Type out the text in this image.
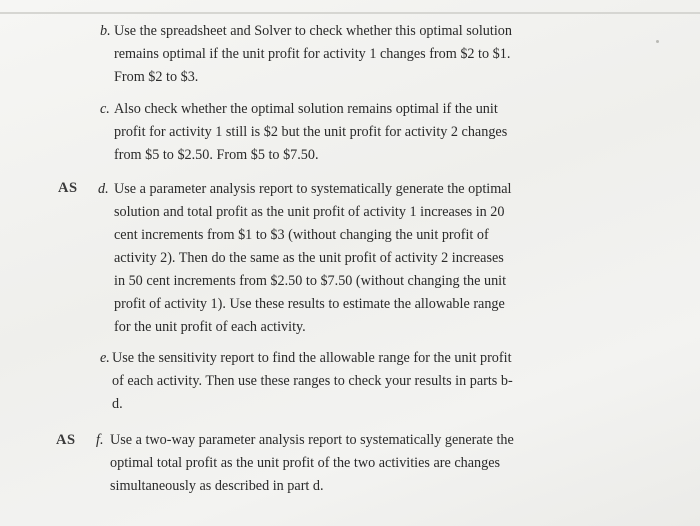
AS
AS
b. Use the spreadsheet and Solver to check whether this optimal solution
remains optimal if the unit profit for activity 1 changes from $2 to $1.
From $2 to $3.
c. Also check whether the optimal solution remains optimal if the unit
profit for activity 1 still is $2 but the unit profit for activity 2 changes
from $5 to $2.50. From $5 to $7.50.
d. Use a parameter analysis report to systematically generate the optimal
solution and total profit as the unit profit of activity 1 increases in 20
cent increments from $1 to $3 (without changing the unit profit of
activity 2). Then do the same as the unit profit of activity 2 increases
in 50 cent increments from $2.50 to $7.50 (without changing the unit
profit of activity 1). Use these results to estimate the allowable range
for the unit profit of each activity.
e. Use the sensitivity report to find the allowable range for the unit profit
of each activity. Then use these ranges to check your results in parts b-
d.
f. Use a two-way parameter analysis report to systematically generate the
optimal total profit as the unit profit of the two activities are changes
simultaneously as described in part d.
